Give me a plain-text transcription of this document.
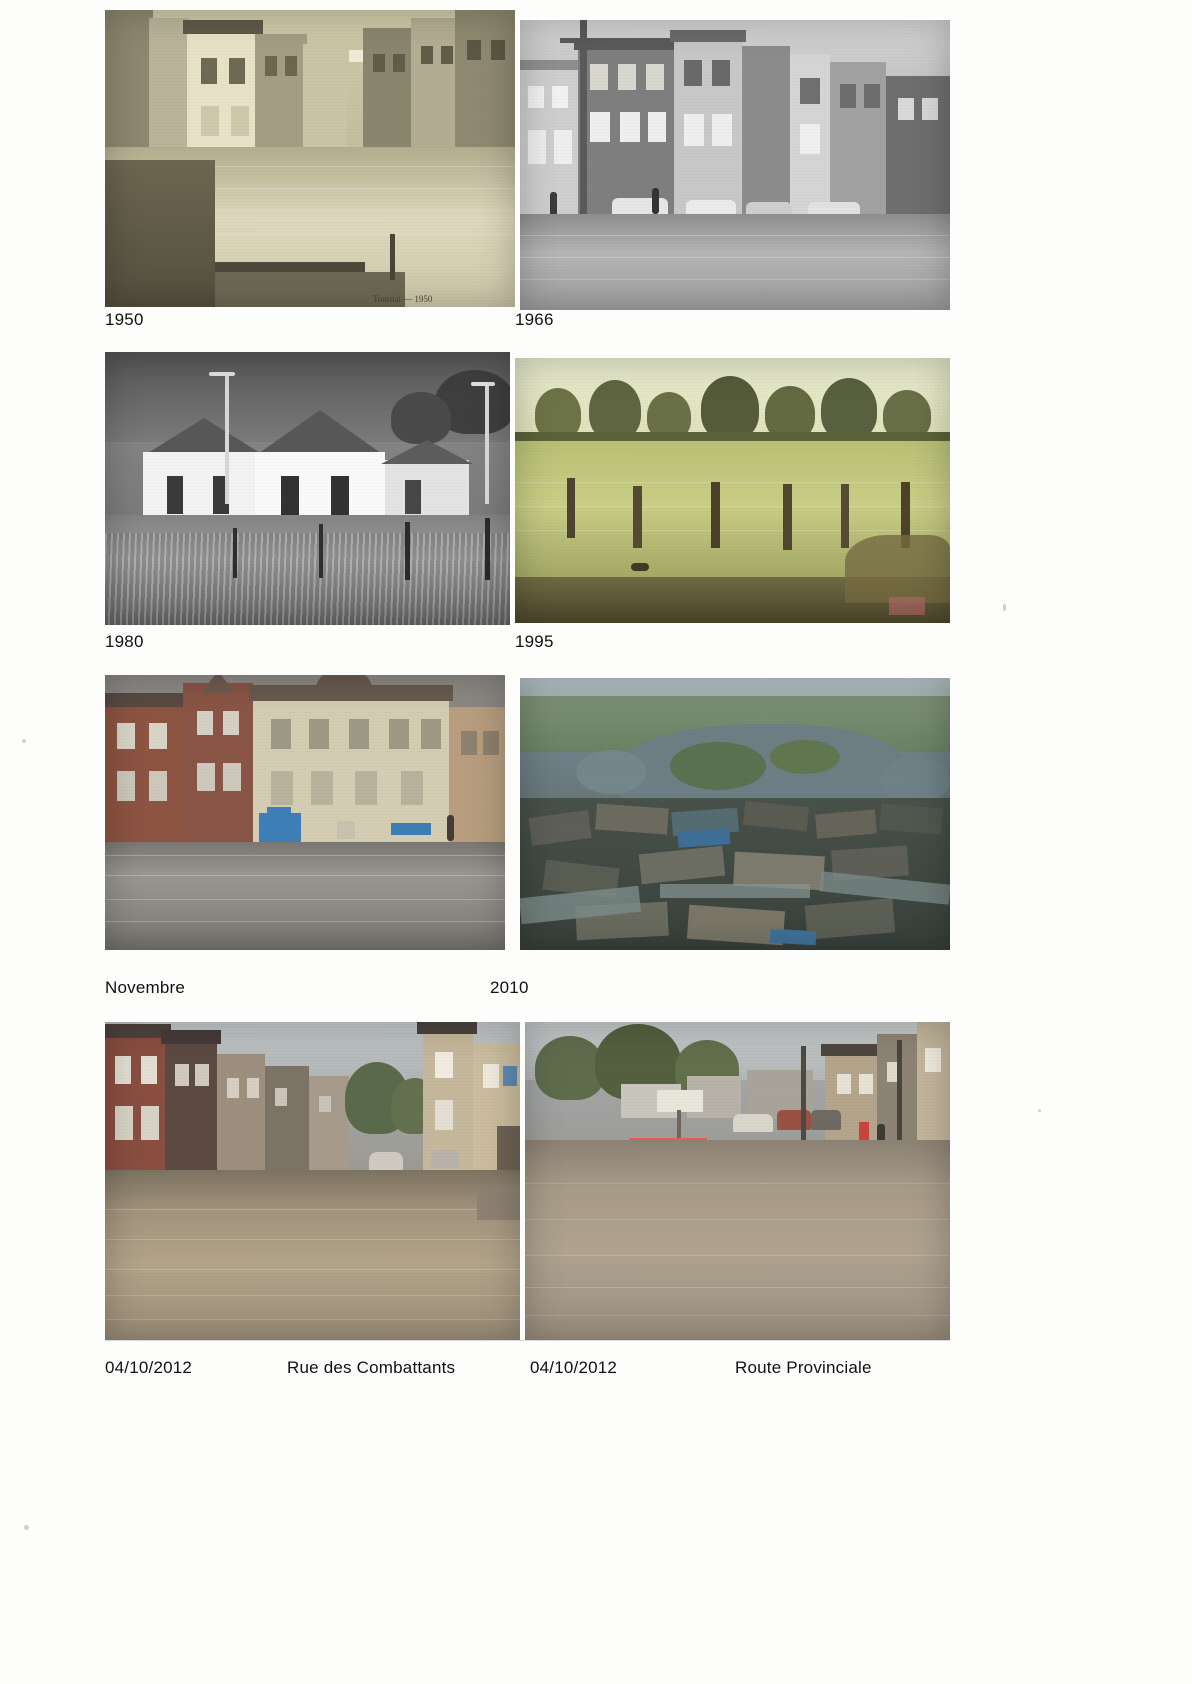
Tournai — 1950
1950	1966
1980	1995
Novembre	2010
04/10/2012	Rue des Combattants	04/10/2012	Route Provinciale
